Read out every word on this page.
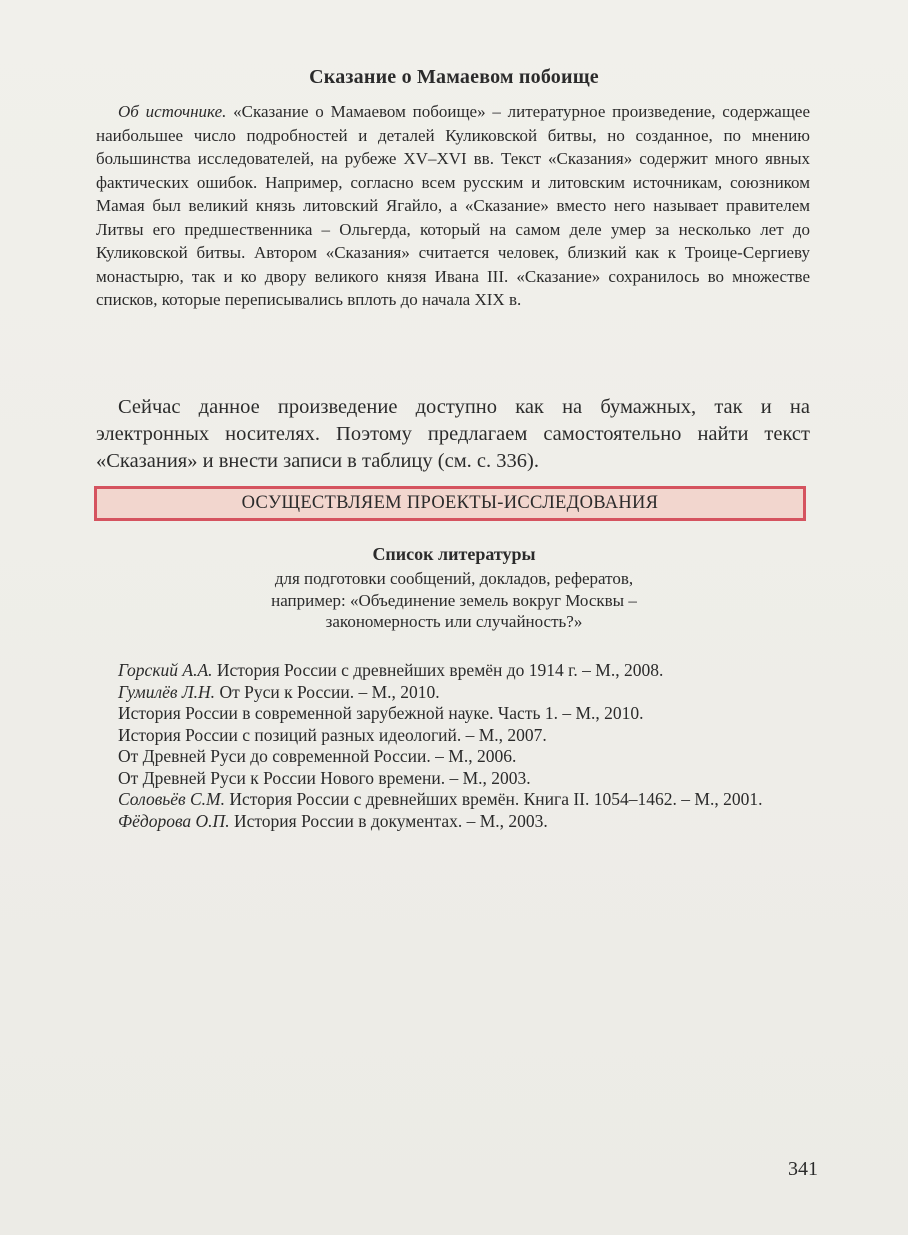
Сказание о Мамаевом побоище
Об источнике. «Сказание о Мамаевом побоище» – литературное произведение, содержащее наибольшее число подробностей и деталей Куликовской битвы, но созданное, по мнению большинства исследователей, на рубеже XV–XVI вв. Текст «Сказания» содержит много явных фактических ошибок. Например, согласно всем русским и литовским источникам, союзником Мамая был великий князь литовский Ягайло, а «Сказание» вместо него называет правителем Литвы его предшественника – Ольгерда, который на самом деле умер за несколько лет до Куликовской битвы. Автором «Сказания» считается человек, близкий как к Троице-Сергиеву монастырю, так и ко двору великого князя Ивана III. «Сказание» сохранилось во множестве списков, которые переписывались вплоть до начала XIX в.
Сейчас данное произведение доступно как на бумажных, так и на электронных носителях. Поэтому предлагаем самостоятельно найти текст «Сказания» и внести записи в таблицу (см. с. 336).
ОСУЩЕСТВЛЯЕМ ПРОЕКТЫ-ИССЛЕДОВАНИЯ
Список литературы
для подготовки сообщений, докладов, рефератов,
например: «Объединение земель вокруг Москвы –
закономерность или случайность?»
Горский А.А. История России с древнейших времён до 1914 г. – М., 2008.
Гумилёв Л.Н. От Руси к России. – М., 2010.
История России в современной зарубежной науке. Часть 1. – М., 2010.
История России с позиций разных идеологий. – М., 2007.
От Древней Руси до современной России. – М., 2006.
От Древней Руси к России Нового времени. – М., 2003.
Соловьёв С.М. История России с древнейших времён. Книга II. 1054–1462. – М., 2001.
Фёдорова О.П. История России в документах. – М., 2003.
341
